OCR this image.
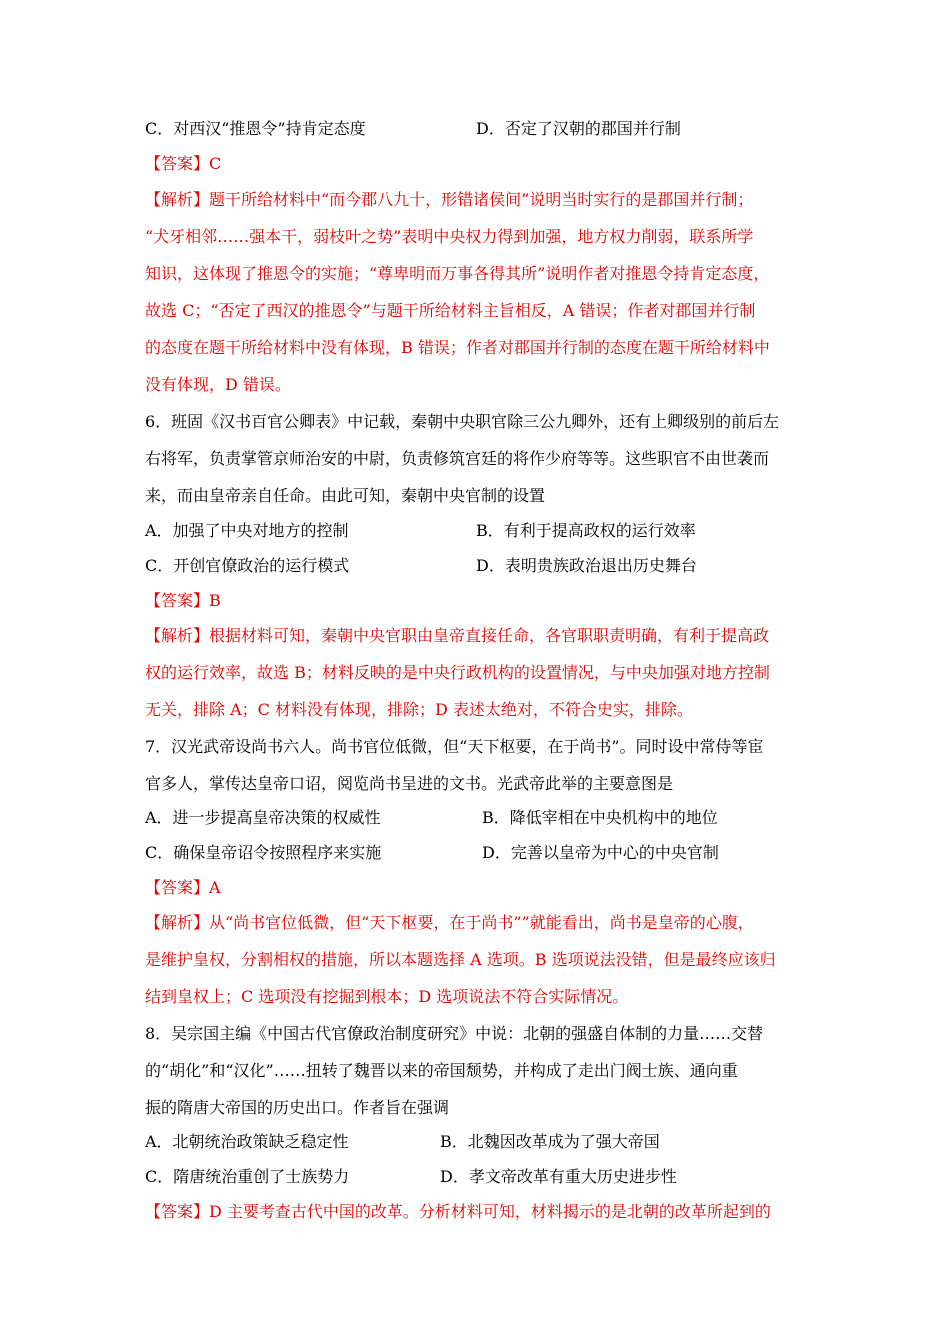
C．对西汉“推恩令”持肯定态度	D．否定了汉朝的郡国并行制
【答案】C
【解析】题干所给材料中“而今郡八九十，形错诸侯间”说明当时实行的是郡国并行制；
“犬牙相邻……强本干，弱枝叶之势”表明中央权力得到加强，地方权力削弱，联系所学
知识，这体现了推恩令的实施；“尊卑明而万事各得其所”说明作者对推恩令持肯定态度，
故选 C；“否定了西汉的推恩令”与题干所给材料主旨相反，A 错误；作者对郡国并行制
的态度在题干所给材料中没有体现，B 错误；作者对郡国并行制的态度在题干所给材料中
没有体现，D 错误。
6．班固《汉书百官公卿表》中记载，秦朝中央职官除三公九卿外，还有上卿级别的前后左
右将军，负责掌管京师治安的中尉，负责修筑宫廷的将作少府等等。这些职官不由世袭而
来，而由皇帝亲自任命。由此可知，秦朝中央官制的设置
A．加强了中央对地方的控制	B．有利于提高政权的运行效率
C．开创官僚政治的运行模式	D．表明贵族政治退出历史舞台
【答案】B
【解析】根据材料可知，秦朝中央官职由皇帝直接任命，各官职职责明确，有利于提高政
权的运行效率，故选 B；材料反映的是中央行政机构的设置情况，与中央加强对地方控制
无关，排除 A；C 材料没有体现，排除；D 表述太绝对，不符合史实，排除。
7．汉光武帝设尚书六人。尚书官位低微，但“天下枢要，在于尚书”。同时设中常侍等宦
官多人，掌传达皇帝口诏，阅览尚书呈进的文书。光武帝此举的主要意图是
A．进一步提高皇帝决策的权威性	B．降低宰相在中央机构中的地位
C．确保皇帝诏令按照程序来实施	D．完善以皇帝为中心的中央官制
【答案】A
【解析】从“尚书官位低微，但“天下枢要，在于尚书””就能看出，尚书是皇帝的心腹，
是维护皇权，分割相权的措施，所以本题选择 A 选项。B 选项说法没错，但是最终应该归
结到皇权上；C 选项没有挖掘到根本；D 选项说法不符合实际情况。
8．吴宗国主编《中国古代官僚政治制度研究》中说：北朝的强盛自体制的力量……交替
的“胡化”和“汉化”……扭转了魏晋以来的帝国颓势，并构成了走出门阀士族、通向重
振的隋唐大帝国的历史出口。作者旨在强调
A．北朝统治政策缺乏稳定性	B．北魏因改革成为了强大帝国
C．隋唐统治重创了士族势力	D．孝文帝改革有重大历史进步性
【答案】D 主要考查古代中国的改革。分析材料可知，材料揭示的是北朝的改革所起到的
